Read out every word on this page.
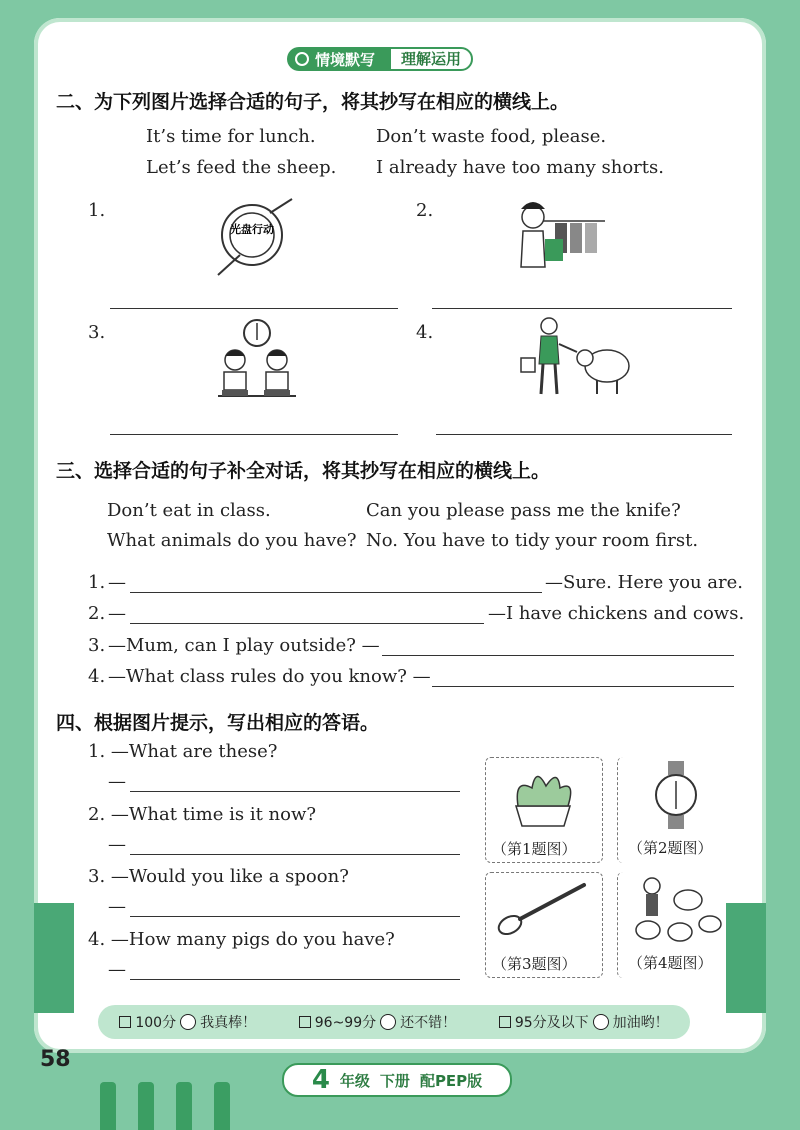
情境默写	理解运用
二、为下列图片选择合适的句子，将其抄写在相应的横线上。
It’s time for lunch.	Don’t waste food, please.
Let’s feed the sheep. I already have too many shorts.
1.	2.
3.	4.
光盘行动
三、选择合适的句子补全对话，将其抄写在相应的横线上。
Don’t eat in class.	Can you please pass me the knife?
What animals do you have? No. You have to tidy your room first.
1. —	—Sure. Here you are.
2. —	—I have chickens and cows.
3. —Mum, can I play outside? —
4. —What class rules do you know? —
四、根据图片提示，写出相应的答语。
1. —What are these?
—
2. —What time is it now?
—
3. —Would you like a spoon?
—
4. —How many pigs do you have?
—
（第1题图）	（第2题图）
（第3题图）	（第4题图）
100分 我真棒！	96~99分 还不错！	95分及以下 加油哟！
58
4 年级 下册 配PEP版
